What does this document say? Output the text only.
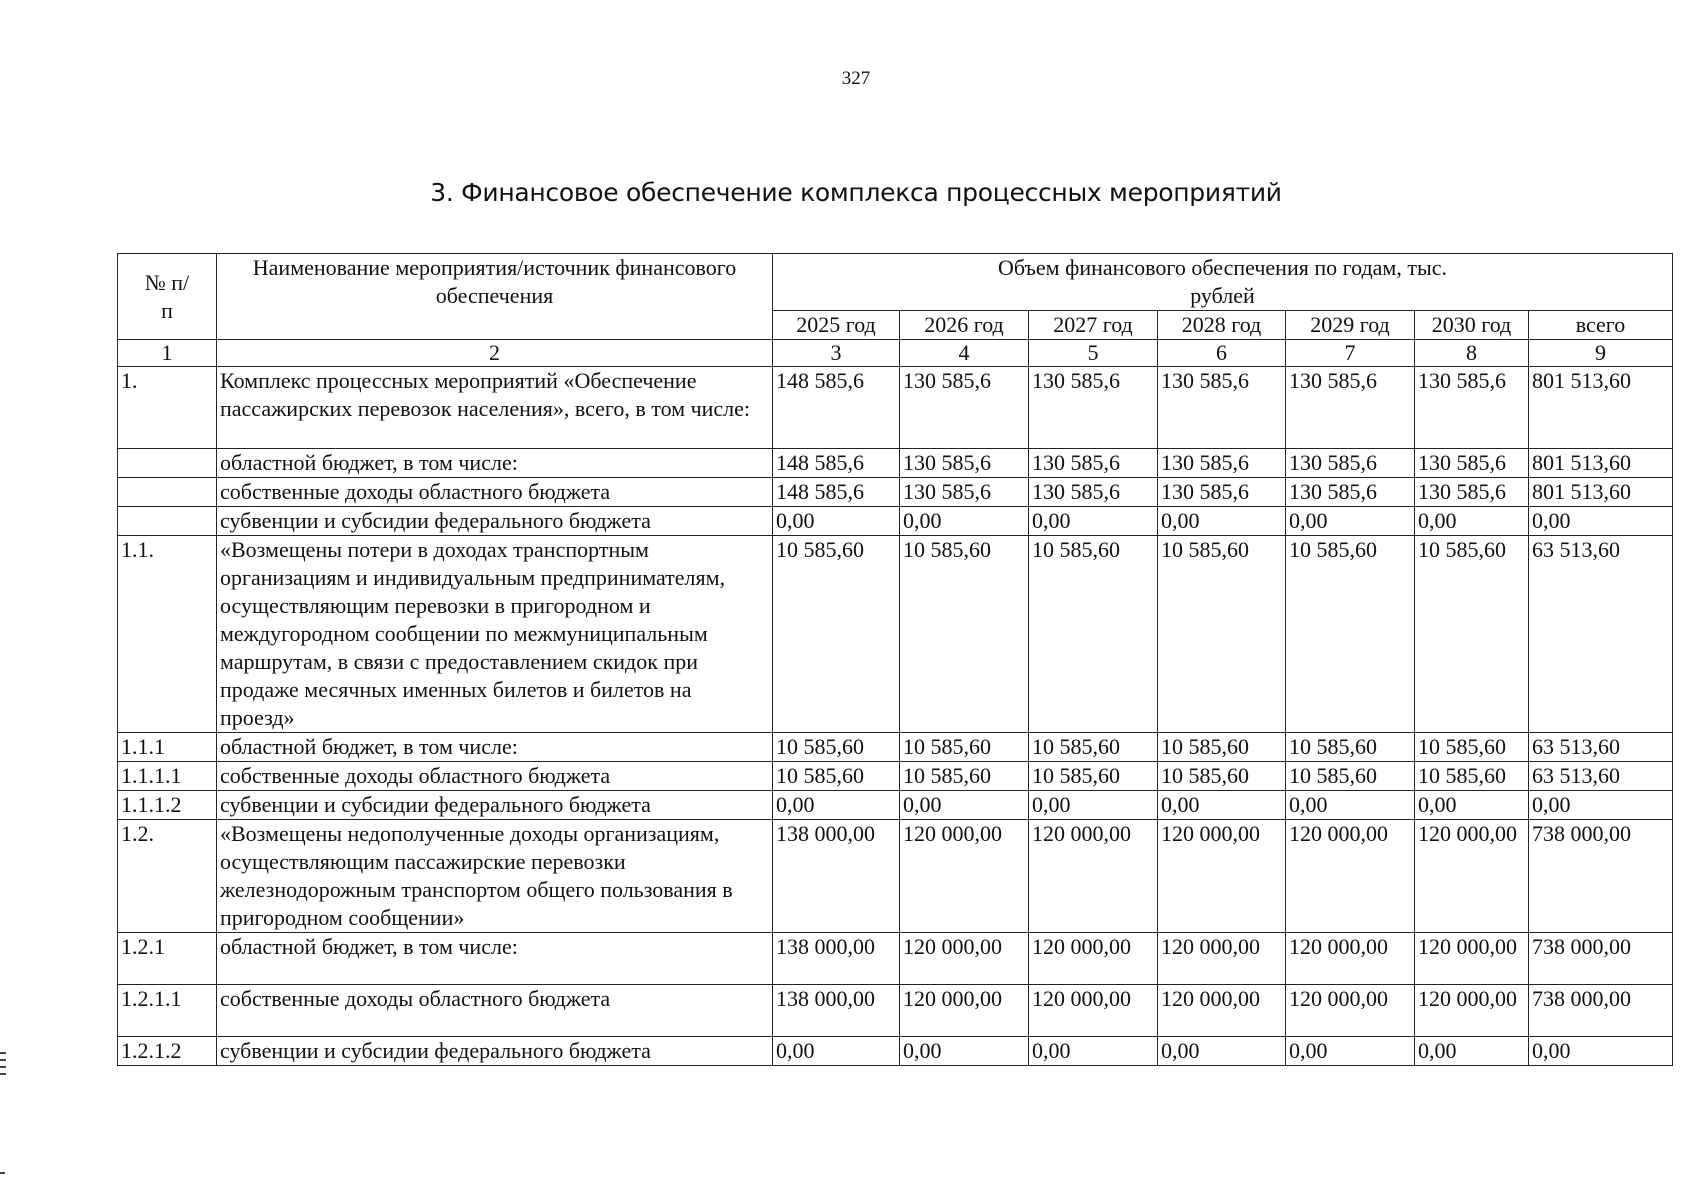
327
3. Финансовое обеспечение комплекса процессных мероприятий
№ п/п	Наименование мероприятия/источник финансового обеспечения	Объем финансового обеспечения по годам, тыс. рублей						
		2025 год	2026 год	2027 год	2028 год	2029 год	2030 год	всего
1	2	3	4	5	6	7	8	9
1.	Комплекс процессных мероприятий «Обеспечение пассажирских перевозок населения», всего, в том числе:	148 585,6	130 585,6	130 585,6	130 585,6	130 585,6	130 585,6	801 513,60
	областной бюджет, в том числе:	148 585,6	130 585,6	130 585,6	130 585,6	130 585,6	130 585,6	801 513,60
	собственные доходы областного бюджета	148 585,6	130 585,6	130 585,6	130 585,6	130 585,6	130 585,6	801 513,60
	субвенции и субсидии федерального бюджета	0,00	0,00	0,00	0,00	0,00	0,00	0,00
1.1.	«Возмещены потери в доходах транспортным организациям и индивидуальным предпринимателям, осуществляющим перевозки в пригородном и междугородном сообщении по межмуниципальным маршрутам, в связи с предоставлением скидок при продаже месячных именных билетов и билетов на проезд»	10 585,60	10 585,60	10 585,60	10 585,60	10 585,60	10 585,60	63 513,60
1.1.1	областной бюджет, в том числе:	10 585,60	10 585,60	10 585,60	10 585,60	10 585,60	10 585,60	63 513,60
1.1.1.1	собственные доходы областного бюджета	10 585,60	10 585,60	10 585,60	10 585,60	10 585,60	10 585,60	63 513,60
1.1.1.2	субвенции и субсидии федерального бюджета	0,00	0,00	0,00	0,00	0,00	0,00	0,00
1.2.	«Возмещены недополученные доходы организациям, осуществляющим пассажирские перевозки железнодорожным транспортом общего пользования в пригородном сообщении»	138 000,00	120 000,00	120 000,00	120 000,00	120 000,00	120 000,00	738 000,00
1.2.1	областной бюджет, в том числе:	138 000,00	120 000,00	120 000,00	120 000,00	120 000,00	120 000,00	738 000,00
1.2.1.1	собственные доходы областного бюджета	138 000,00	120 000,00	120 000,00	120 000,00	120 000,00	120 000,00	738 000,00
1.2.1.2	субвенции и субсидии федерального бюджета	0,00	0,00	0,00	0,00	0,00	0,00	0,00
